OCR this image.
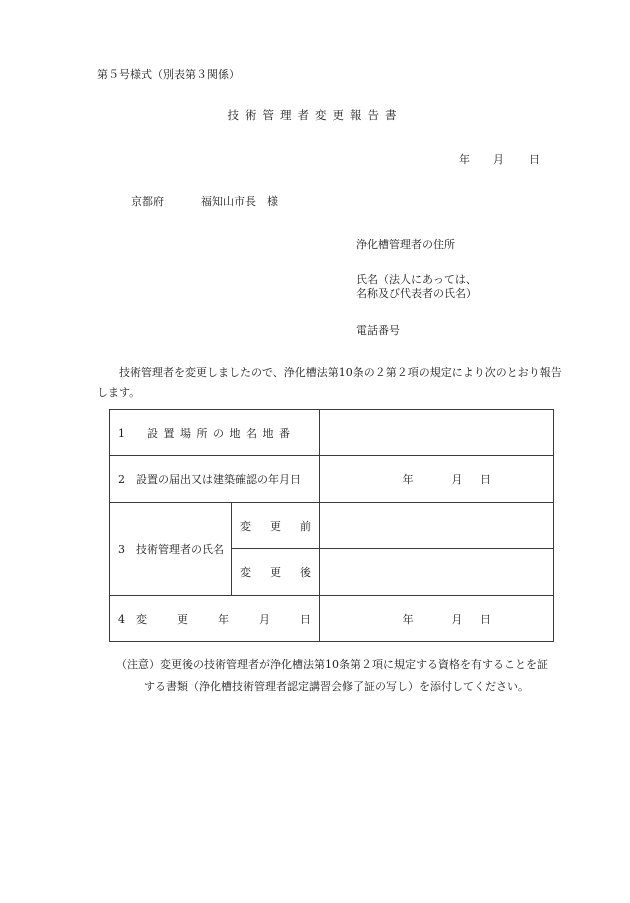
第５号様式（別表第３関係）
技術管理者変更報告書
年 月 日
京都府	福知山市長　様
浄化槽管理者の住所
氏名（法人にあっては、
名称及び代表者の氏名）
電話番号
技術管理者を変更しましたので、浄化槽法第10条の２第２項の規定により次のとおり報告します。
1　 設置場所の地名地番		
2　 設置の届出又は建築確認の年月日		年 月 日
3　 技術管理者の氏名	変 更 前	

	変 更 後	

4　 変 更 年 月 日		年 月 日
（注意）変更後の技術管理者が浄化槽法第10条第２項に規定する資格を有することを証
する書類（浄化槽技術管理者認定講習会修了証の写し）を添付してください。
